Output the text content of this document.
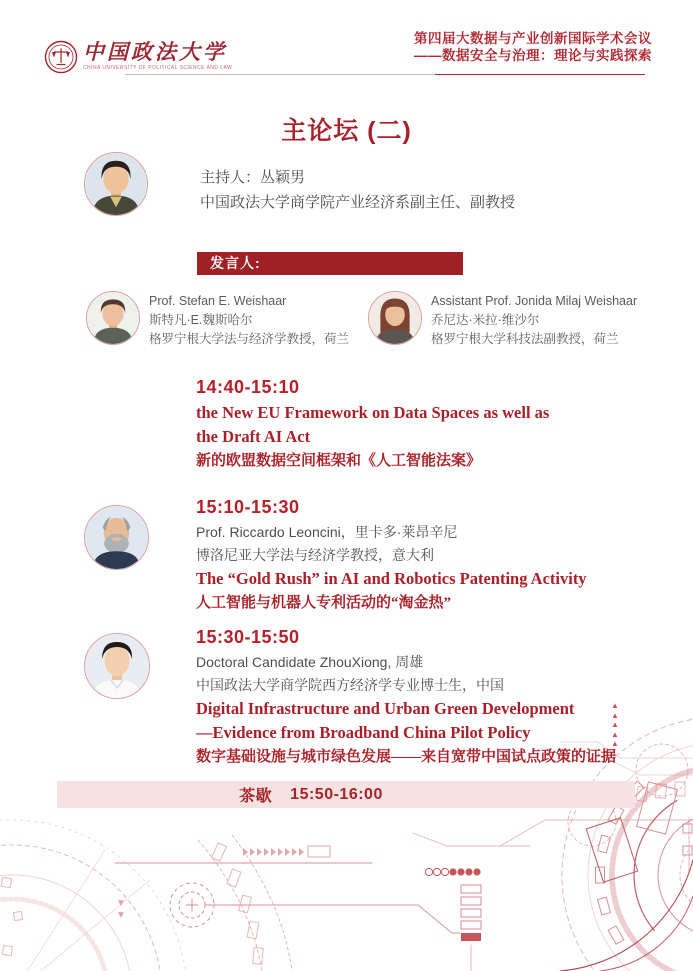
中国政法大学
CHINA UNIVERSITY OF POLITICAL SCIENCE AND LAW
第四届大数据与产业创新国际学术会议
——数据安全与治理：理论与实践探索
主论坛 (二)
主持人：丛颖男
中国政法大学商学院产业经济系副主任、副教授
发言人:
Prof. Stefan E. Weishaar
斯特凡·E.魏斯哈尔
格罗宁根大学法与经济学教授，荷兰
Assistant Prof. Jonida Milaj Weishaar
乔尼达·米拉·维沙尔
格罗宁根大学科技法副教授，荷兰
14:40-15:10
the New EU Framework on Data Spaces as well as
the Draft AI Act
新的欧盟数据空间框架和《人工智能法案》
15:10-15:30
Prof. Riccardo Leoncini，里卡多·莱昂辛尼
博洛尼亚大学法与经济学教授，意大利
The “Gold Rush” in AI and Robotics Patenting Activity
人工智能与机器人专利活动的“淘金热”
15:30-15:50
Doctoral Candidate ZhouXiong, 周雄
中国政法大学商学院西方经济学专业博士生，中国
Digital Infrastructure and Urban Green Development
—Evidence from Broadband China Pilot Policy
数字基础设施与城市绿色发展——来自宽带中国试点政策的证据
▲
▲
▲
▲
▲
▼
▼
茶歇 15:50-16:00
